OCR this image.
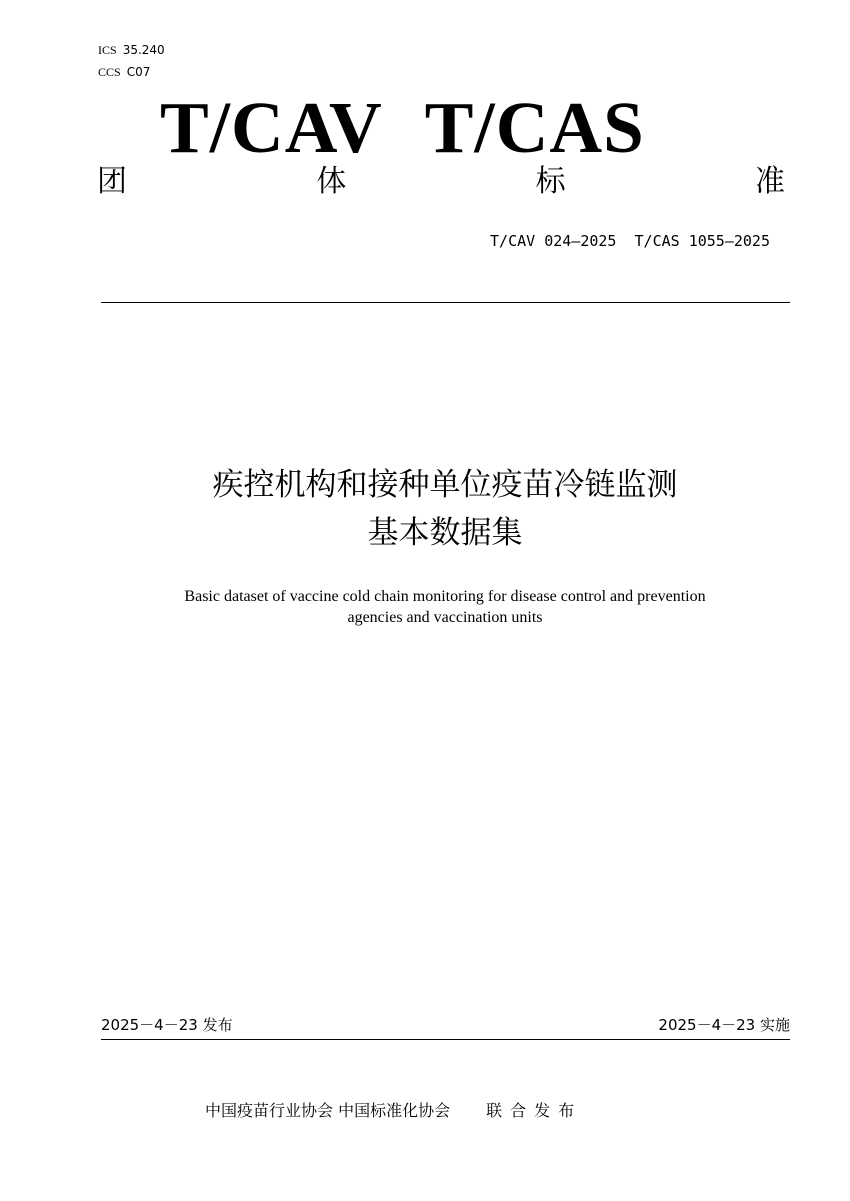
ICS 35.240
CCS C07
T/CAV T/CAS
团	体	标	准
T/CAV 024—2025  T/CAS 1055—2025
疾控机构和接种单位疫苗冷链监测
基本数据集
Basic dataset of vaccine cold chain monitoring for disease control and prevention
agencies and vaccination units
2025－4－23 发布	2025－4－23 实施
中国疫苗行业协会 中国标准化协会 联合发布
